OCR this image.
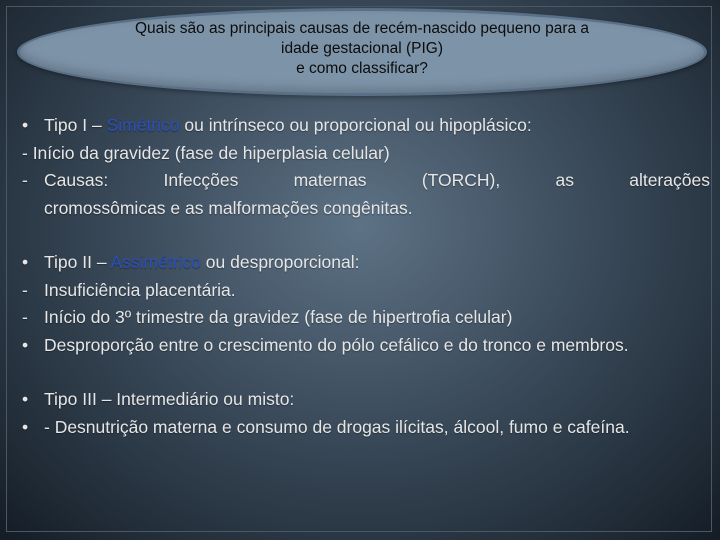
Quais são as principais causas de recém-nascido pequeno para a
idade gestacional (PIG)
e como classificar?
• Tipo I – Simétrico ou intrínseco ou proporcional ou hipoplásico:
- Início da gravidez (fase de hiperplasia celular)
- Causas:	Infecções	maternas	(TORCH),	as	alterações
cromossômicas e as malformações congênitas.
• Tipo II – Assimétrico ou desproporcional:
- Insuficiência placentária.
- Início do 3º trimestre da gravidez (fase de hipertrofia celular)
• Desproporção entre o crescimento do pólo cefálico e do tronco e membros.
• Tipo III – Intermediário ou misto:
• - Desnutrição materna e consumo de drogas ilícitas, álcool, fumo e cafeína.
